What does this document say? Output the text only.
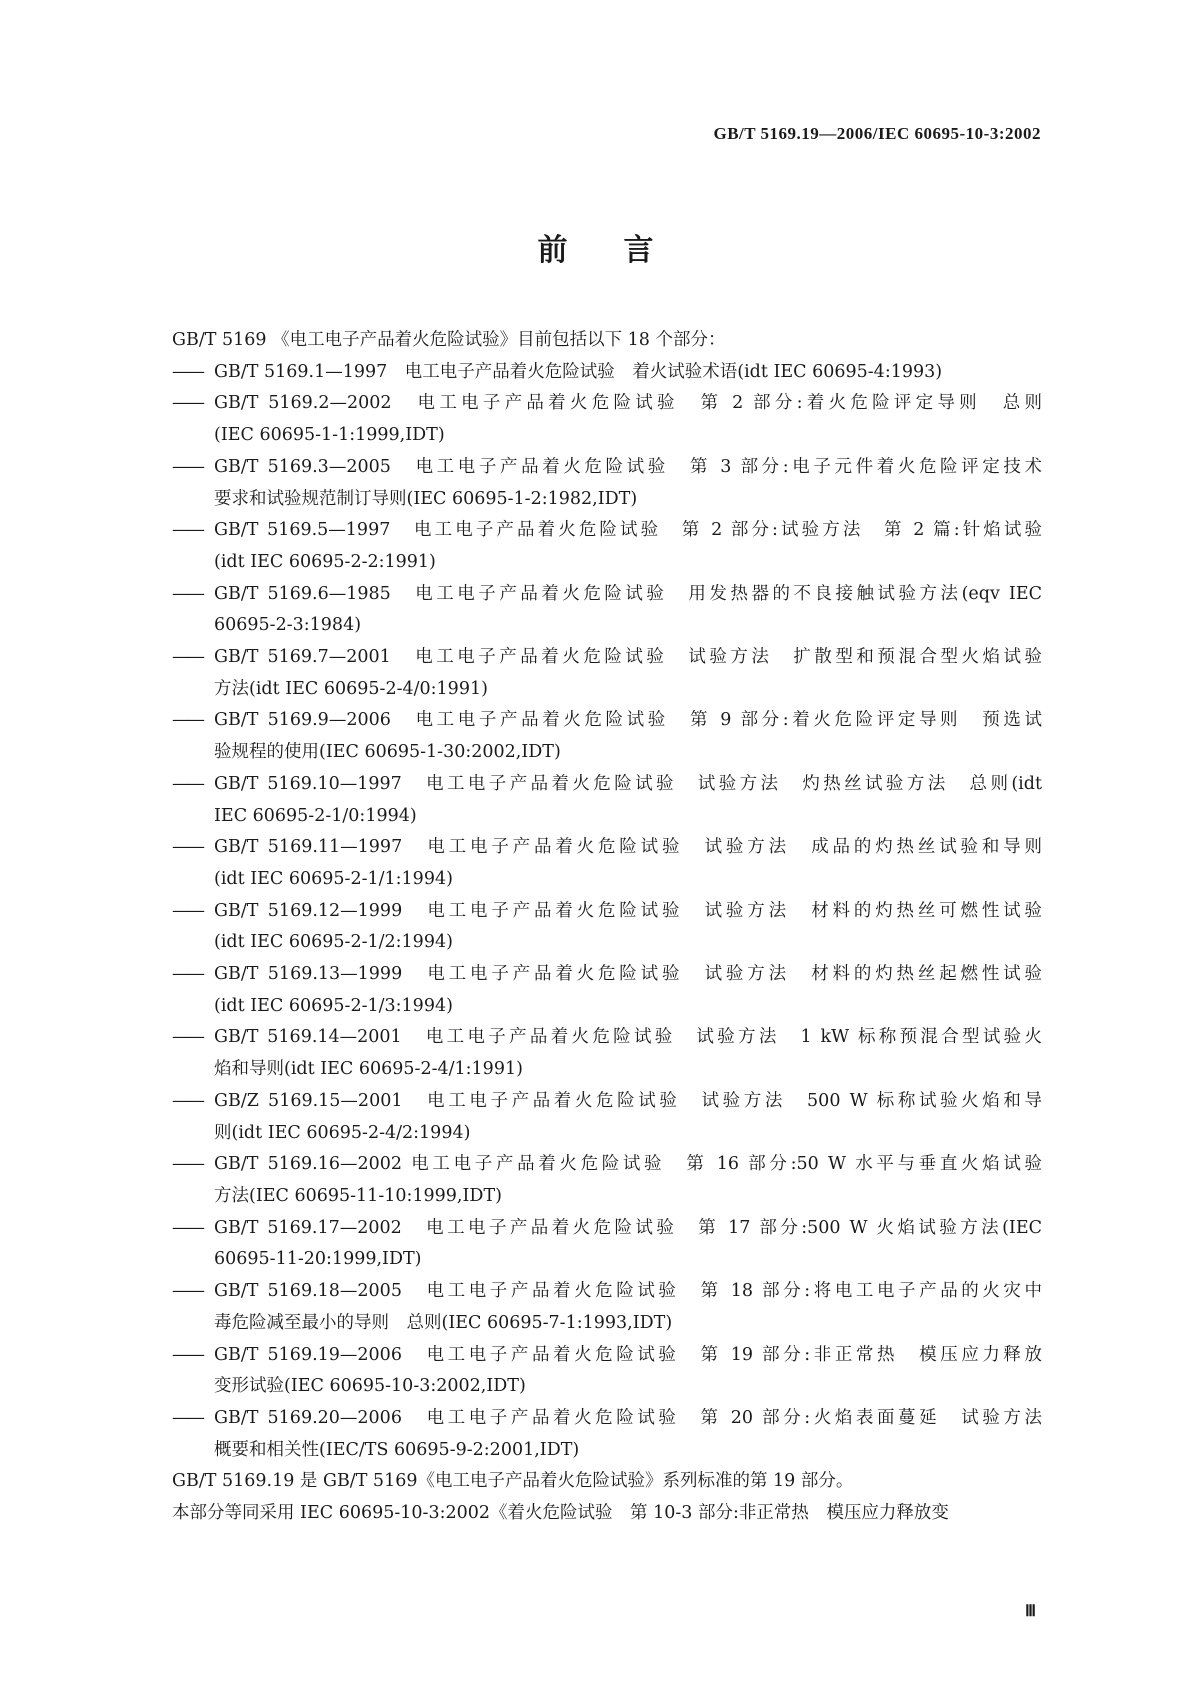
GB/T 5169.19—2006/IEC 60695-10-3:2002
前言

GB/T 5169 《电工电子产品着火危险试验》目前包括以下 18 个部分：

—— GB/T 5169.1—1997　电工电子产品着火危险试验　着火试验术语(idt IEC 60695-4:1993)
—— GB/T 5169.2—2002　电工电子产品着火危险试验　第 2 部分:着火危险评定导则　总则
(IEC 60695-1-1:1999,IDT)
—— GB/T 5169.3—2005　电工电子产品着火危险试验　第 3 部分:电子元件着火危险评定技术
要求和试验规范制订导则(IEC 60695-1-2:1982,IDT)
—— GB/T 5169.5—1997　电工电子产品着火危险试验　第 2 部分:试验方法　第 2 篇:针焰试验
(idt IEC 60695-2-2:1991)
—— GB/T 5169.6—1985　电工电子产品着火危险试验　用发热器的不良接触试验方法(eqv IEC
60695-2-3:1984)
—— GB/T 5169.7—2001　电工电子产品着火危险试验　试验方法　扩散型和预混合型火焰试验
方法(idt IEC 60695-2-4/0:1991)
—— GB/T 5169.9—2006　电工电子产品着火危险试验　第 9 部分:着火危险评定导则　预选试
验规程的使用(IEC 60695-1-30:2002,IDT)
—— GB/T 5169.10—1997　电工电子产品着火危险试验　试验方法　灼热丝试验方法　总则(idt
IEC 60695-2-1/0:1994)
—— GB/T 5169.11—1997　电工电子产品着火危险试验　试验方法　成品的灼热丝试验和导则
(idt IEC 60695-2-1/1:1994)
—— GB/T 5169.12—1999　电工电子产品着火危险试验　试验方法　材料的灼热丝可燃性试验
(idt IEC 60695-2-1/2:1994)
—— GB/T 5169.13—1999　电工电子产品着火危险试验　试验方法　材料的灼热丝起燃性试验
(idt IEC 60695-2-1/3:1994)
—— GB/T 5169.14—2001　电工电子产品着火危险试验　试验方法　1 kW 标称预混合型试验火
焰和导则(idt IEC 60695-2-4/1:1991)
—— GB/Z 5169.15—2001　电工电子产品着火危险试验　试验方法　500 W 标称试验火焰和导
则(idt IEC 60695-2-4/2:1994)
—— GB/T 5169.16—2002 电工电子产品着火危险试验　第 16 部分:50 W 水平与垂直火焰试验
方法(IEC 60695-11-10:1999,IDT)
—— GB/T 5169.17—2002　电工电子产品着火危险试验　第 17 部分:500 W 火焰试验方法(IEC
60695-11-20:1999,IDT)
—— GB/T 5169.18—2005　电工电子产品着火危险试验　第 18 部分:将电工电子产品的火灾中
毒危险减至最小的导则　总则(IEC 60695-7-1:1993,IDT)
—— GB/T 5169.19—2006　电工电子产品着火危险试验　第 19 部分:非正常热　模压应力释放
变形试验(IEC 60695-10-3:2002,IDT)
—— GB/T 5169.20—2006　电工电子产品着火危险试验　第 20 部分:火焰表面蔓延　试验方法
概要和相关性(IEC/TS 60695-9-2:2001,IDT)

GB/T 5169.19 是 GB/T 5169《电工电子产品着火危险试验》系列标准的第 19 部分。

本部分等同采用 IEC 60695-10-3:2002《着火危险试验　第 10-3 部分:非正常热　模压应力释放变

Ⅲ
